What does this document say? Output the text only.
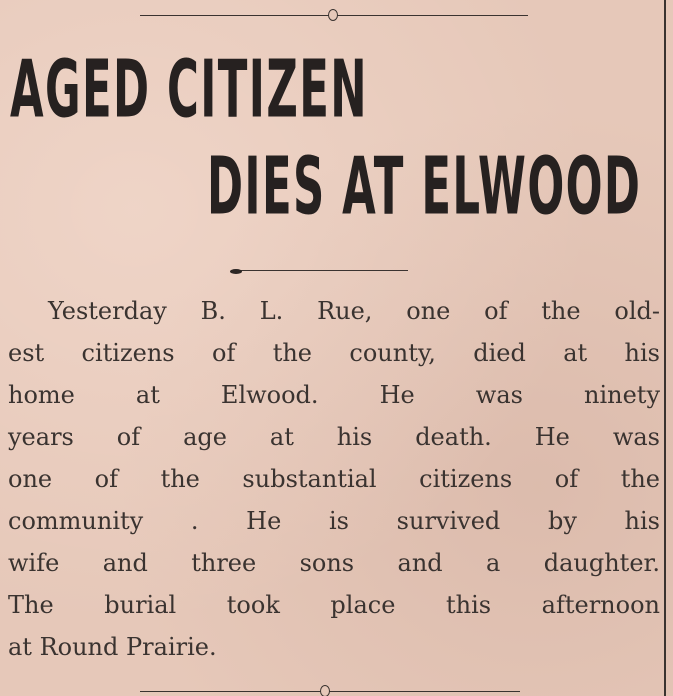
AGED CITIZEN
DIES AT ELWOOD
Yesterday B. L. Rue, one of the old-
est citizens of the county, died at his
home at Elwood. He was ninety
years of age at his death. He was
one of the substantial citizens of the
community . He is survived by his
wife and three sons and a daughter.
The burial took place this afternoon
at Round Prairie.
